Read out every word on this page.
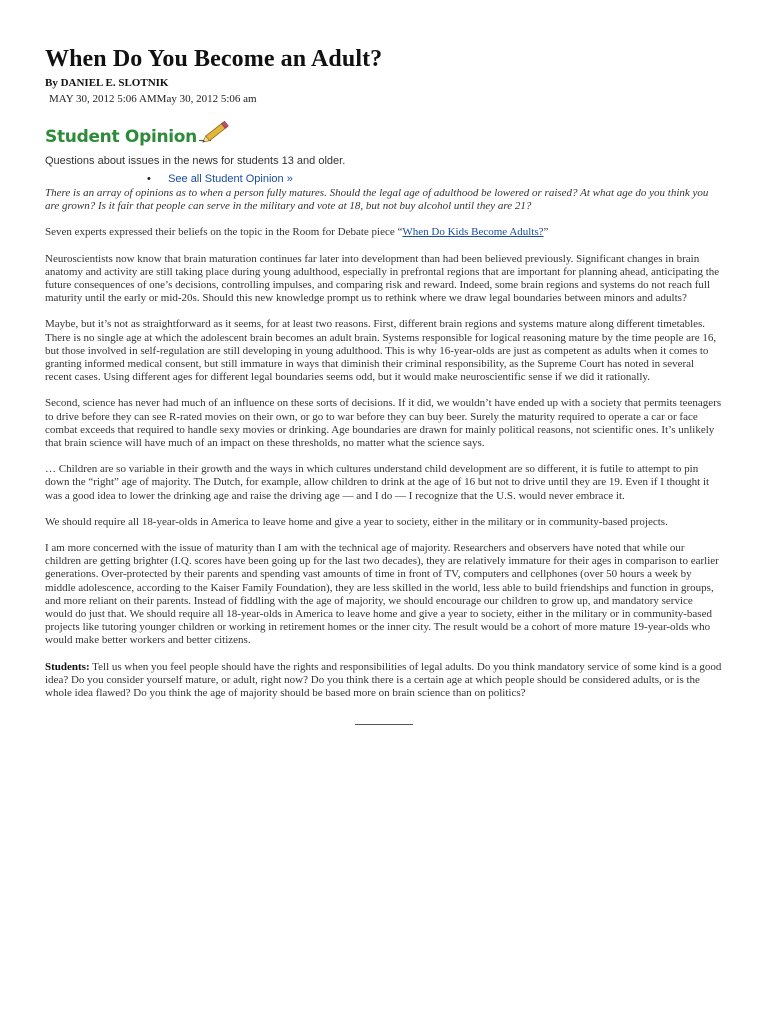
When Do You Become an Adult?
By DANIEL E. SLOTNIK
MAY 30, 2012 5:06 AMMay 30, 2012 5:06 am
Student Opinion
Questions about issues in the news for students 13 and older.
• See all Student Opinion »

There is an array of opinions as to when a person fully matures. Should the legal age of adulthood be lowered or raised? At what age do you think you are grown? Is it fair that people can serve in the military and vote at 18, but not buy alcohol until they are 21?

Seven experts expressed their beliefs on the topic in the Room for Debate piece “When Do Kids Become Adults?”

Neuroscientists now know that brain maturation continues far later into development than had been believed previously. Significant changes in brain anatomy and activity are still taking place during young adulthood, especially in prefrontal regions that are important for planning ahead, anticipating the future consequences of one’s decisions, controlling impulses, and comparing risk and reward. Indeed, some brain regions and systems do not reach full maturity until the early or mid-20s. Should this new knowledge prompt us to rethink where we draw legal boundaries between minors and adults?

Maybe, but it’s not as straightforward as it seems, for at least two reasons. First, different brain regions and systems mature along different timetables. There is no single age at which the adolescent brain becomes an adult brain. Systems responsible for logical reasoning mature by the time people are 16, but those involved in self-regulation are still developing in young adulthood. This is why 16-year-olds are just as competent as adults when it comes to granting informed medical consent, but still immature in ways that diminish their criminal responsibility, as the Supreme Court has noted in several recent cases. Using different ages for different legal boundaries seems odd, but it would make neuroscientific sense if we did it rationally.

Second, science has never had much of an influence on these sorts of decisions. If it did, we wouldn’t have ended up with a society that permits teenagers to drive before they can see R-rated movies on their own, or go to war before they can buy beer. Surely the maturity required to operate a car or face combat exceeds that required to handle sexy movies or drinking. Age boundaries are drawn for mainly political reasons, not scientific ones. It’s unlikely that brain science will have much of an impact on these thresholds, no matter what the science says.

… Children are so variable in their growth and the ways in which cultures understand child development are so different, it is futile to attempt to pin down the “right” age of majority. The Dutch, for example, allow children to drink at the age of 16 but not to drive until they are 19. Even if I thought it was a good idea to lower the drinking age and raise the driving age — and I do — I recognize that the U.S. would never embrace it.

We should require all 18-year-olds in America to leave home and give a year to society, either in the military or in community-based projects.

I am more concerned with the issue of maturity than I am with the technical age of majority. Researchers and observers have noted that while our children are getting brighter (I.Q. scores have been going up for the last two decades), they are relatively immature for their ages in comparison to earlier generations. Over-protected by their parents and spending vast amounts of time in front of TV, computers and cellphones (over 50 hours a week by middle adolescence, according to the Kaiser Family Foundation), they are less skilled in the world, less able to build friendships and function in groups, and more reliant on their parents. Instead of fiddling with the age of majority, we should encourage our children to grow up, and mandatory service would do just that. We should require all 18-year-olds in America to leave home and give a year to society, either in the military or in community-based projects like tutoring younger children or working in retirement homes or the inner city. The result would be a cohort of more mature 19-year-olds who would make better workers and better citizens.

Students: Tell us when you feel people should have the rights and responsibilities of legal adults. Do you think mandatory service of some kind is a good idea? Do you consider yourself mature, or adult, right now? Do you think there is a certain age at which people should be considered adults, or is the whole idea flawed? Do you think the age of majority should be based more on brain science than on politics?
